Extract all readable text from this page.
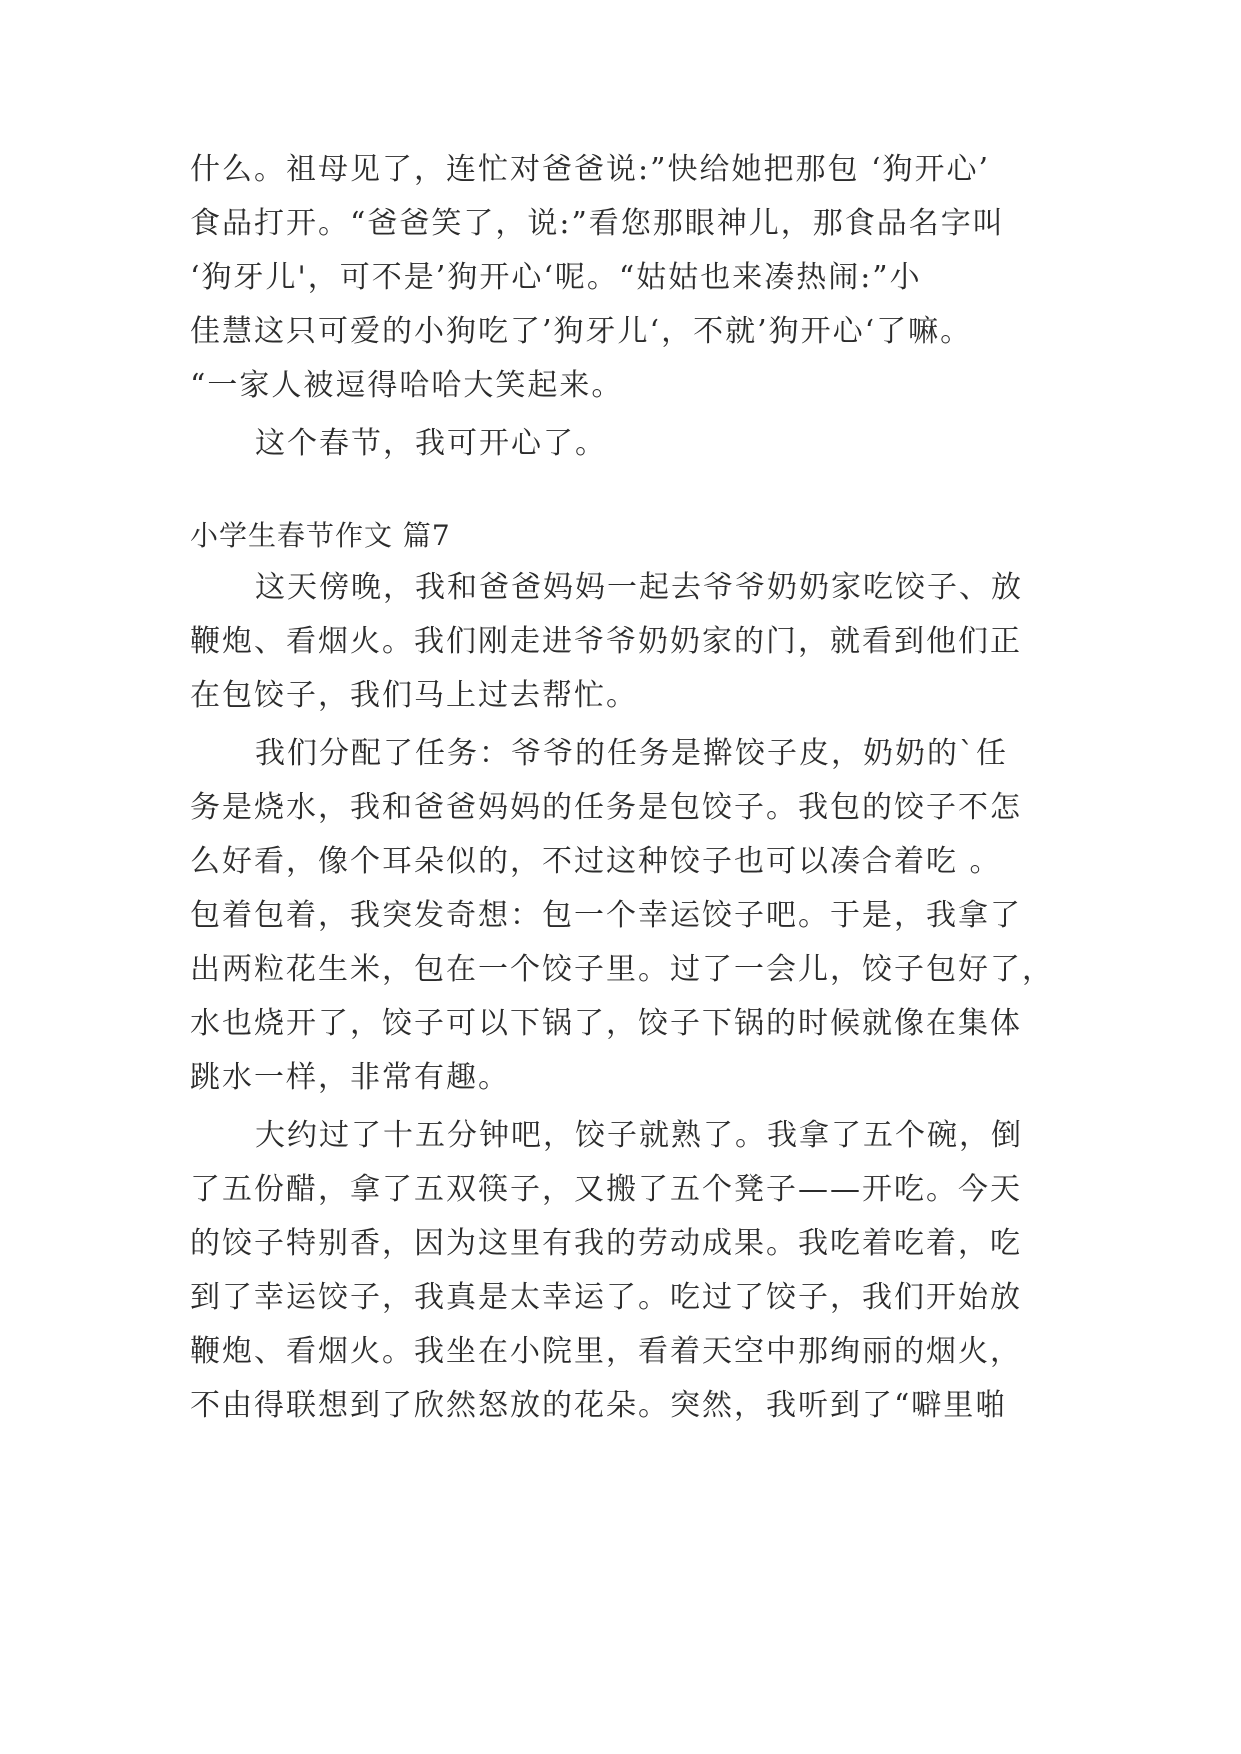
什么。祖母见了，连忙对爸爸说:”快给她把那包 ‘狗开心’
食品打开。“爸爸笑了，说:”看您那眼神儿，那食品名字叫
‘狗牙儿'，可不是’狗开心‘呢。“姑姑也来凑热闹:”小
佳慧这只可爱的小狗吃了’狗牙儿‘，不就’狗开心‘了嘛。
“一家人被逗得哈哈大笑起来。
这个春节，我可开心了。
小学生春节作文 篇7
这天傍晚，我和爸爸妈妈一起去爷爷奶奶家吃饺子、放
鞭炮、看烟火。我们刚走进爷爷奶奶家的门，就看到他们正
在包饺子，我们马上过去帮忙。
我们分配了任务：爷爷的任务是擀饺子皮，奶奶的`任
务是烧水，我和爸爸妈妈的任务是包饺子。我包的饺子不怎
么好看，像个耳朵似的，不过这种饺子也可以凑合着吃 。
包着包着，我突发奇想：包一个幸运饺子吧。于是，我拿了
出两粒花生米，包在一个饺子里。过了一会儿，饺子包好了，
水也烧开了，饺子可以下锅了，饺子下锅的时候就像在集体
跳水一样，非常有趣。
大约过了十五分钟吧，饺子就熟了。我拿了五个碗，倒
了五份醋，拿了五双筷子，又搬了五个凳子——开吃。今天
的饺子特别香，因为这里有我的劳动成果。我吃着吃着，吃
到了幸运饺子，我真是太幸运了。吃过了饺子，我们开始放
鞭炮、看烟火。我坐在小院里，看着天空中那绚丽的烟火，
不由得联想到了欣然怒放的花朵。突然，我听到了“噼里啪
